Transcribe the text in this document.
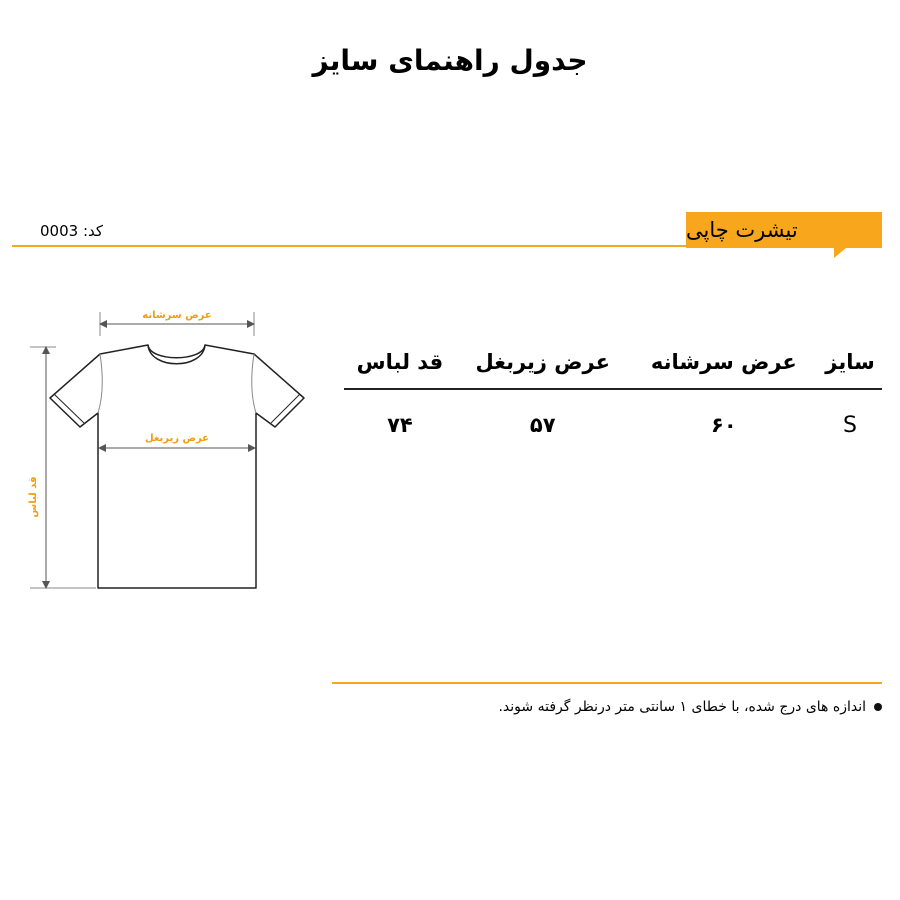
جدول راهنمای سایز
کد: 0003	تیشرت چاپی
عرض سرشانه
عرض زیربغل
قد لباس
سایز	عرض سرشانه	عرض زیربغل	قد لباس
S	۶۰	۵۷	۷۴
اندازه های درج شده، با خطای ۱ سانتی متر درنظر گرفته شوند.
